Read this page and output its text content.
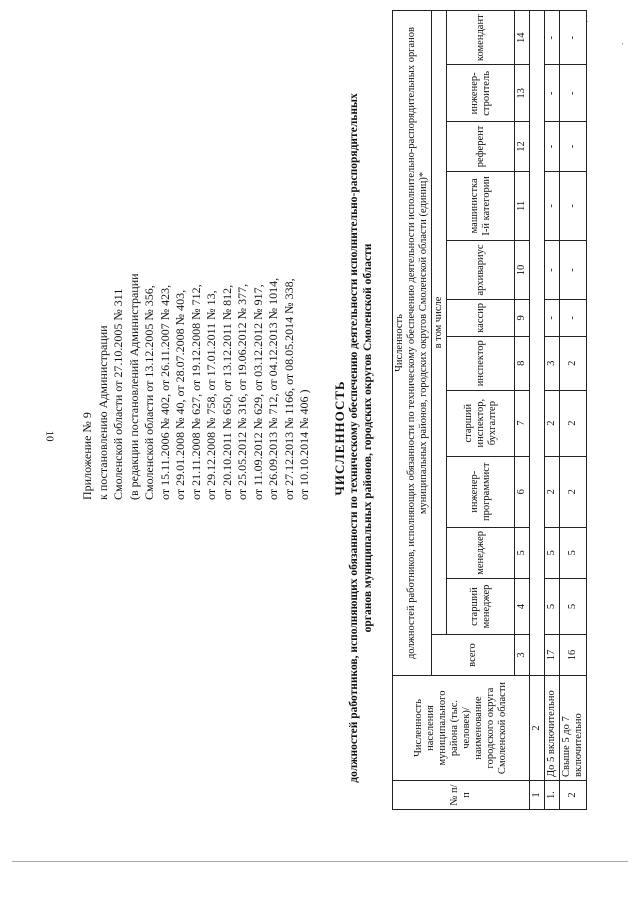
10 Приложение № 9 к постановлению Администрации Смоленской области от 27.10.2005 № 311 (в редакции постановлений Администрации Смоленской области от 13.12.2005 № 356, от 15.11.2006 № 402, от 26.11.2007 № 423, от 29.01.2008 № 40, от 28.07.2008 № 403, от 21.11.2008 № 627, от 19.12.2008 № 712, от 29.12.2008 № 758, от 17.01.2011 № 13, от 20.10.2011 № 650, от 13.12.2011 № 812, от 25.05.2012 № 316, от 19.06.2012 № 377, от 11.09.2012 № 629, от 03.12.2012 № 917, от 26.09.2013 № 712, от 04.12.2013 № 1014, от 27.12.2013 № 1166, от 08.05.2014 № 338, от 10.10.2014 № 406 )
·
'
ЧИСЛЕННОСТЬ должностей работников, исполняющих обязанности по техническому обеспечению деятельности исполнительно-распорядительных органов муниципальных районов, городских округов Смоленской области
№ п/п	Численность населения муниципального района (тыс. человек)/наименование городского округа Смоленской области	Численность должностей работников, исполняющих обязанности по техническому обеспечению деятельности исполнительно-распорядительных органов муниципальных районов, городских округов Смоленской области (единиц)*											

		всего	в том числе										
			старший менеджер	менеджер	инженер-программист	старший инспектор, бухгалтер	инспектор	кассир	архивариус	машинистка I-й категории	референт	инженер-строитель	комендант
		3	4	5	6	7	8	9	10	11	12	13	14
1	2												
1.	До 5 включительно	17	5	5	2	2	3	-	-	-	-	-	-
2	Свыше 5 до 7 включительно	16	5	5	2	2	2	-	-	-	-	-	-
